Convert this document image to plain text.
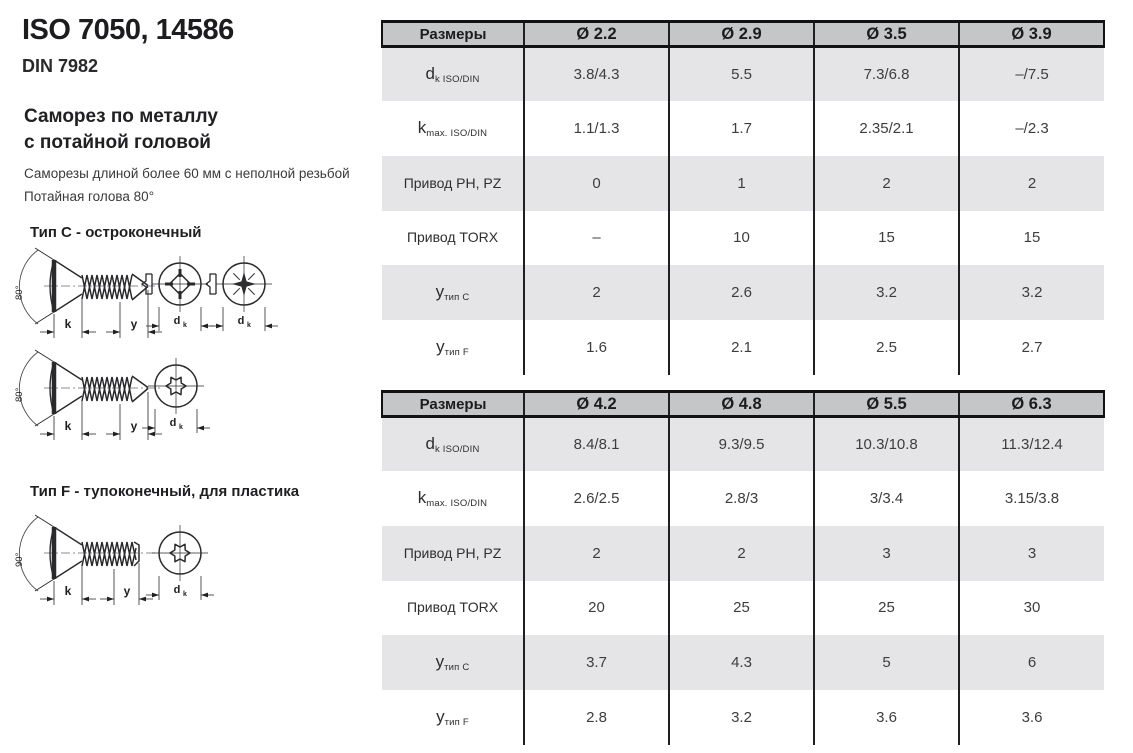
ISO 7050, 14586
DIN 7982
Саморез по металлу
с потайной головой
Саморезы длиной более 60 мм с неполной резьбой
Потайная голова 80°
Тип C - остроконечный
Тип F - тупоконечный, для пластика
k	y
80°
d k	d k
k	y
80°
d k
k	y
90°
d k
Размеры	Ø 2.2	Ø 2.9	Ø 3.5	Ø 3.9
$d_{k ISO/DIN}$	3.8/4.3	5.5	7.3/6.8	–/7.5
$k_{max. ISO/DIN}$	1.1/1.3	1.7	2.35/2.1	–/2.3
Привод PH, PZ	0	1	2	2
Привод TORX	–	10	15	15
$y_{тип C}$	2	2.6	3.2	3.2
$y_{тип F}$	1.6	2.1	2.5	2.7
Размеры	Ø 4.2	Ø 4.8	Ø 5.5	Ø 6.3
$d_{k ISO/DIN}$	8.4/8.1	9.3/9.5	10.3/10.8	11.3/12.4
$k_{max. ISO/DIN}$	2.6/2.5	2.8/3	3/3.4	3.15/3.8
Привод PH, PZ	2	2	3	3
Привод TORX	20	25	25	30
$y_{тип C}$	3.7	4.3	5	6
$y_{тип F}$	2.8	3.2	3.6	3.6
